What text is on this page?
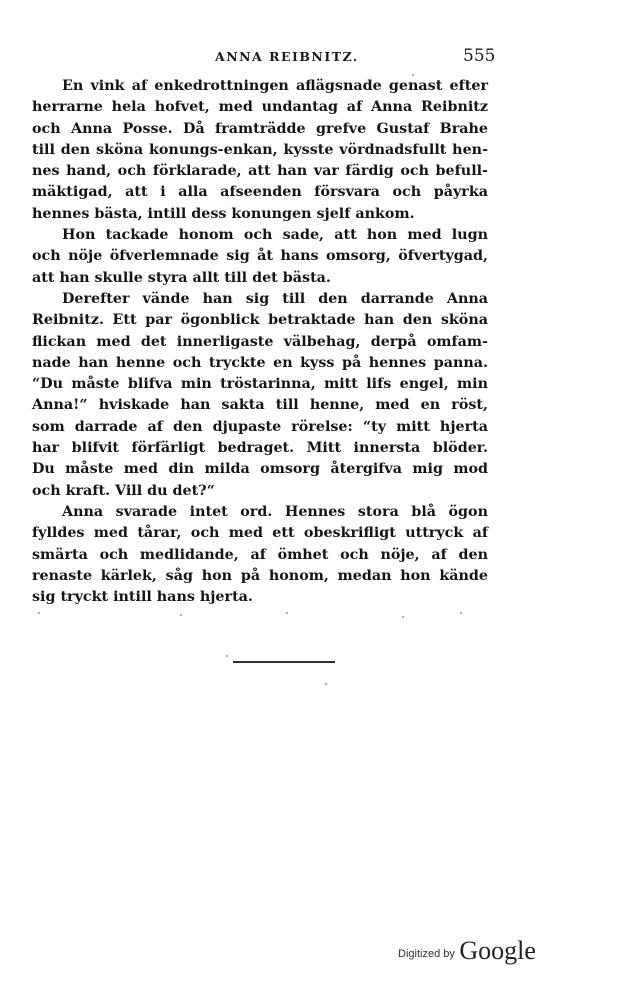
ANNA REIBNITZ.	555
En vink af enkedrottningen aflägsnade genast efter
herrarne hela hofvet, med undantag af Anna Reibnitz
och Anna Posse. Då framträdde grefve Gustaf Brahe
till den sköna konungs-enkan, kysste vördnadsfullt hen-
nes hand, och förklarade, att han var färdig och befull-
mäktigad, att i alla afseenden försvara och påyrka
hennes bästa, intill dess konungen sjelf ankom.
Hon tackade honom och sade, att hon med lugn
och nöje öfverlemnade sig åt hans omsorg, öfvertygad,
att han skulle styra allt till det bästa.
Derefter vände han sig till den darrande Anna
Reibnitz. Ett par ögonblick betraktade han den sköna
flickan med det innerligaste välbehag, derpå omfam-
nade han henne och tryckte en kyss på hennes panna.
“Du måste blifva min tröstarinna, mitt lifs engel, min
Anna!“ hviskade han sakta till henne, med en röst,
som darrade af den djupaste rörelse: “ty mitt hjerta
har blifvit förfärligt bedraget. Mitt innersta blöder.
Du måste med din milda omsorg återgifva mig mod
och kraft. Vill du det?“
Anna svarade intet ord. Hennes stora blå ögon
fylldes med tårar, och med ett obeskrifligt uttryck af
smärta och medlidande, af ömhet och nöje, af den
renaste kärlek, såg hon på honom, medan hon kände
sig tryckt intill hans hjerta.
Digitized by Google
